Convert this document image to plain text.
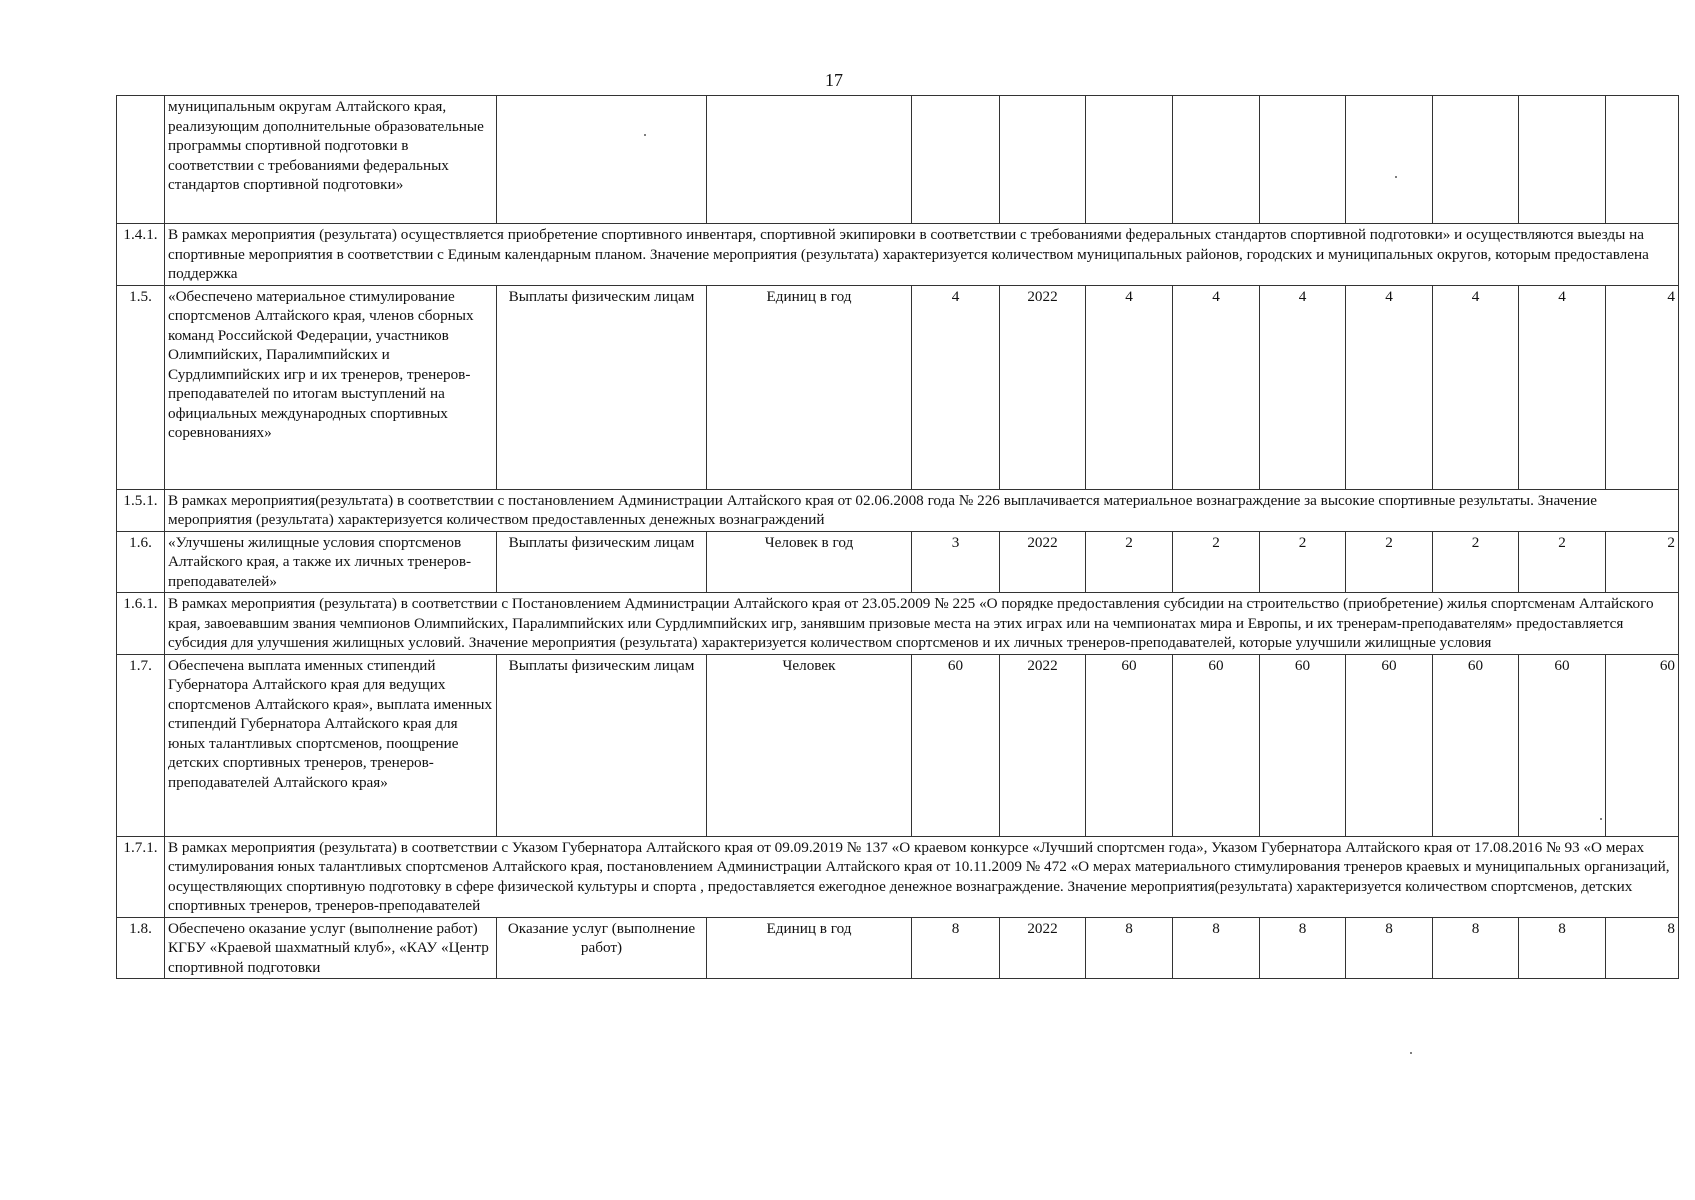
17
	муниципальным округам Алтайского края, реализующим дополнительные образовательные программы спортивной подготовки в соответствии с требованиями федеральных стандартов спортивной подготовки»											
1.4.1.	В рамках мероприятия (результата) осуществляется приобретение спортивного инвентаря, спортивной экипировки в соответствии с требованиями федеральных стандартов спортивной подготовки» и осуществляются выезды на спортивные мероприятия в соответствии с Единым календарным планом. Значение мероприятия (результата) характеризуется количеством муниципальных районов, городских и муниципальных округов, которым предоставлена поддержка											
1.5.	«Обеспечено материальное стимулирование спортсменов Алтайского края, членов сборных команд Российской Федерации, участников Олимпийских, Паралимпийских и Сурдлимпийских игр и их тренеров, тренеров-преподавателей по итогам выступлений на официальных международных спортивных соревнованиях»	Выплаты физическим лицам	Единиц в год	4	2022	4	4	4	4	4	4	4
1.5.1.	В рамках мероприятия(результата) в соответствии с постановлением Администрации Алтайского края от 02.06.2008 года № 226 выплачивается материальное вознаграждение за высокие спортивные результаты. Значение мероприятия (результата) характеризуется количеством предоставленных денежных вознаграждений											
1.6.	«Улучшены жилищные условия спортсменов Алтайского края, а также их личных тренеров-преподавателей»	Выплаты физическим лицам	Человек в год	3	2022	2	2	2	2	2	2	2
1.6.1.	В рамках мероприятия (результата) в соответствии с Постановлением Администрации Алтайского края от 23.05.2009 № 225 «О порядке предоставления субсидии на строительство (приобретение) жилья спортсменам Алтайского края, завоевавшим звания чемпионов Олимпийских, Паралимпийских или Сурдлимпийских игр, занявшим призовые места на этих играх или на чемпионатах мира и Европы, и их тренерам-преподавателям» предоставляется субсидия для улучшения жилищных условий. Значение мероприятия (результата) характеризуется количеством спортсменов и их личных тренеров-преподавателей, которые улучшили жилищные условия											
1.7.	Обеспечена выплата именных стипендий Губернатора Алтайского края для ведущих спортсменов Алтайского края», выплата именных стипендий Губернатора Алтайского края для юных талантливых спортсменов, поощрение детских спортивных тренеров, тренеров-преподавателей Алтайского края»	Выплаты физическим лицам	Человек	60	2022	60	60	60	60	60	60	60
1.7.1.	В рамках мероприятия (результата) в соответствии с Указом Губернатора Алтайского края от 09.09.2019 № 137 «О краевом конкурсе «Лучший спортсмен года», Указом Губернатора Алтайского края от 17.08.2016 № 93 «О мерах стимулирования юных талантливых спортсменов Алтайского края, постановлением Администрации Алтайского края от 10.11.2009 № 472 «О мерах материального стимулирования тренеров краевых и муниципальных организаций, осуществляющих спортивную подготовку в сфере физической культуры и спорта , предоставляется ежегодное денежное вознаграждение. Значение мероприятия(результата) характеризуется количеством спортсменов, детских спортивных тренеров, тренеров-преподавателей											
1.8.	Обеспечено оказание услуг (выполнение работ) КГБУ «Краевой шахматный клуб», «КАУ «Центр спортивной подготовки	Оказание услуг (выполнение работ)	Единиц в год	8	2022	8	8	8	8	8	8	8
